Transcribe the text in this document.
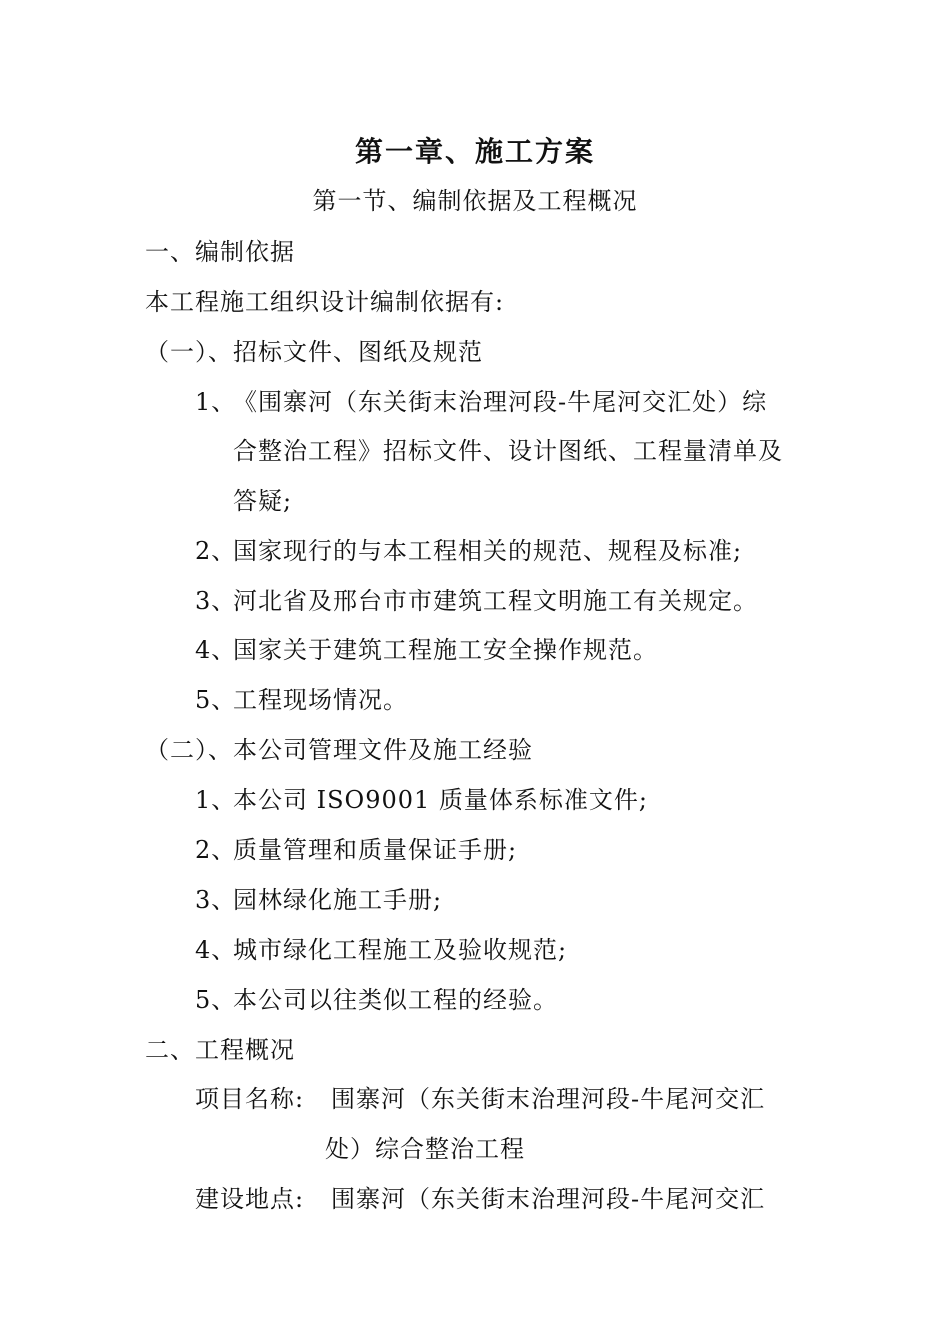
第一章、施工方案
第一节、编制依据及工程概况
一、编制依据
本工程施工组织设计编制依据有:
（一）、招标文件、图纸及规范
1、《围寨河（东关街末治理河段-牛尾河交汇处）综
合整治工程》招标文件、设计图纸、工程量清单及
答疑;
2、国家现行的与本工程相关的规范、规程及标准;
3、河北省及邢台市市建筑工程文明施工有关规定。
4、国家关于建筑工程施工安全操作规范。
5、工程现场情况。
（二）、本公司管理文件及施工经验
1、本公司 ISO9001 质量体系标准文件;
2、质量管理和质量保证手册;
3、园林绿化施工手册;
4、城市绿化工程施工及验收规范;
5、本公司以往类似工程的经验。
二、工程概况
项目名称: 围寨河（东关街末治理河段-牛尾河交汇
处）综合整治工程
建设地点: 围寨河（东关街末治理河段-牛尾河交汇
